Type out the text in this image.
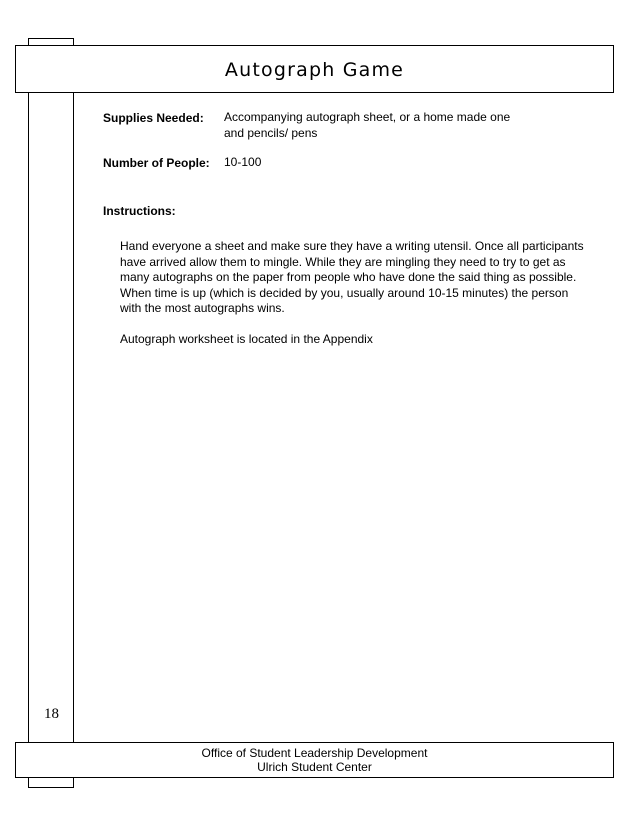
Autograph Game
Supplies Needed: Accompanying autograph sheet, or a home made one
and pencils/ pens
Number of People: 10-100
Instructions:

Hand everyone a sheet and make sure they have a writing utensil. Once all participants have arrived allow them to mingle. While they are mingling they need to try to get as many autographs on the paper from people who have done the said thing as possible. When time is up (which is decided by you, usually around 10-15 minutes) the person with the most autographs wins.

Autograph worksheet is located in the Appendix

18
Office of Student Leadership Development
Ulrich Student Center
